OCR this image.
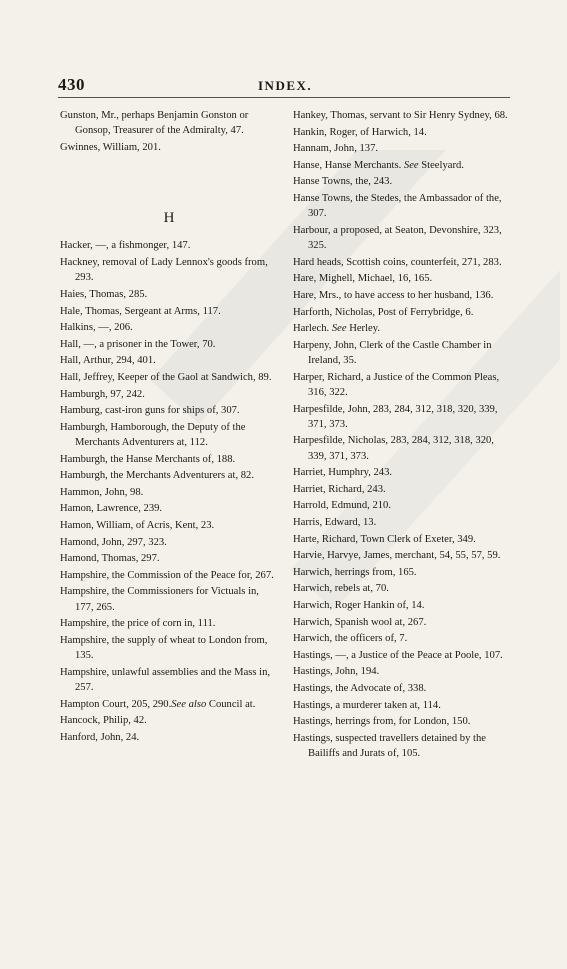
430	INDEX.
Gunston, Mr., perhaps Benjamin Gonston or Gonsop, Treasurer of the Admiralty, 47.
Gwinnes, William, 201.
H
Hacker, —, a fishmonger, 147.
Hackney, removal of Lady Lennox's goods from, 293.
Haies, Thomas, 285.
Hale, Thomas, Sergeant at Arms, 117.
Halkins, —, 206.
Hall, —, a prisoner in the Tower, 70.
Hall, Arthur, 294, 401.
Hall, Jeffrey, Keeper of the Gaol at Sandwich, 89.
Hamburgh, 97, 242.
Hamburg, cast-iron guns for ships of, 307.
Hamburgh, Hamborough, the Deputy of the Merchants Adventurers at, 112.
Hamburgh, the Hanse Merchants of, 188.
Hamburgh, the Merchants Adventurers at, 82.
Hammon, John, 98.
Hamon, Lawrence, 239.
Hamon, William, of Acris, Kent, 23.
Hamond, John, 297, 323.
Hamond, Thomas, 297.
Hampshire, the Commission of the Peace for, 267.
Hampshire, the Commissioners for Victuals in, 177, 265.
Hampshire, the price of corn in, 111.
Hampshire, the supply of wheat to London from, 135.
Hampshire, unlawful assemblies and the Mass in, 257.
Hampton Court, 205, 290.See also Council at.
Hancock, Philip, 42.
Hanford, John, 24.
Hankey, Thomas, servant to Sir Henry Sydney, 68.
Hankin, Roger, of Harwich, 14.
Hannam, John, 137.
Hanse, Hanse Merchants. See Steelyard.
Hanse Towns, the, 243.
Hanse Towns, the Stedes, the Ambassador of the, 307.
Harbour, a proposed, at Seaton, Devonshire, 323, 325.
Hard heads, Scottish coins, counterfeit, 271, 283.
Hare, Mighell, Michael, 16, 165.
Hare, Mrs., to have access to her husband, 136.
Harforth, Nicholas, Post of Ferrybridge, 6.
Harlech. See Herley.
Harpeny, John, Clerk of the Castle Chamber in Ireland, 35.
Harper, Richard, a Justice of the Common Pleas, 316, 322.
Harpesfilde, John, 283, 284, 312, 318, 320, 339, 371, 373.
Harpesfilde, Nicholas, 283, 284, 312, 318, 320, 339, 371, 373.
Harriet, Humphry, 243.
Harriet, Richard, 243.
Harrold, Edmund, 210.
Harris, Edward, 13.
Harte, Richard, Town Clerk of Exeter, 349.
Harvie, Harvye, James, merchant, 54, 55, 57, 59.
Harwich, herrings from, 165.
Harwich, rebels at, 70.
Harwich, Roger Hankin of, 14.
Harwich, Spanish wool at, 267.
Harwich, the officers of, 7.
Hastings, —, a Justice of the Peace at Poole, 107.
Hastings, John, 194.
Hastings, the Advocate of, 338.
Hastings, a murderer taken at, 114.
Hastings, herrings from, for London, 150.
Hastings, suspected travellers detained by the Bailiffs and Jurats of, 105.
